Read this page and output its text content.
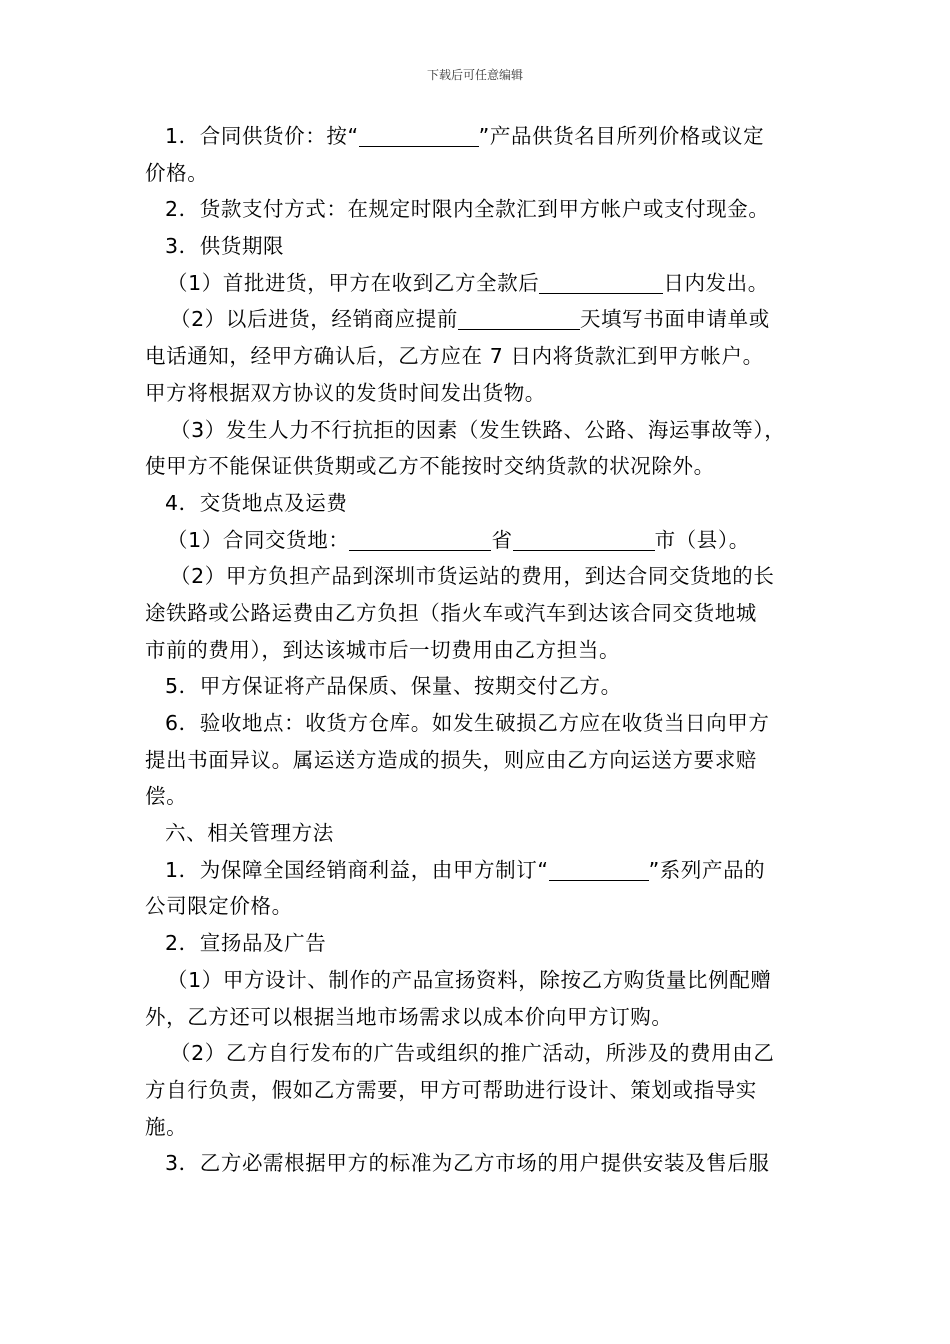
下载后可任意编辑
1．合同供货价：按“	”产品供货名目所列价格或议定
价格。
2．货款支付方式：在规定时限内全款汇到甲方帐户或支付现金。
3．供货期限
（1）首批进货，甲方在收到乙方全款后	日内发出。
（2）以后进货，经销商应提前	天填写书面申请单或
电话通知，经甲方确认后，乙方应在 7 日内将货款汇到甲方帐户。
甲方将根据双方协议的发货时间发出货物。
（3）发生人力不行抗拒的因素（发生铁路、公路、海运事故等），
使甲方不能保证供货期或乙方不能按时交纳货款的状况除外。
4．交货地点及运费
（1）合同交货地：	省	市（县）。
（2）甲方负担产品到深圳市货运站的费用，到达合同交货地的长
途铁路或公路运费由乙方负担（指火车或汽车到达该合同交货地城
市前的费用），到达该城市后一切费用由乙方担当。
5．甲方保证将产品保质、保量、按期交付乙方。
6．验收地点：收货方仓库。如发生破损乙方应在收货当日向甲方
提出书面异议。属运送方造成的损失，则应由乙方向运送方要求赔
偿。
六、相关管理方法
1．为保障全国经销商利益，由甲方制订“	”系列产品的
公司限定价格。
2．宣扬品及广告
（1）甲方设计、制作的产品宣扬资料，除按乙方购货量比例配赠
外，乙方还可以根据当地市场需求以成本价向甲方订购。
（2）乙方自行发布的广告或组织的推广活动，所涉及的费用由乙
方自行负责，假如乙方需要，甲方可帮助进行设计、策划或指导实
施。
3．乙方必需根据甲方的标准为乙方市场的用户提供安装及售后服
